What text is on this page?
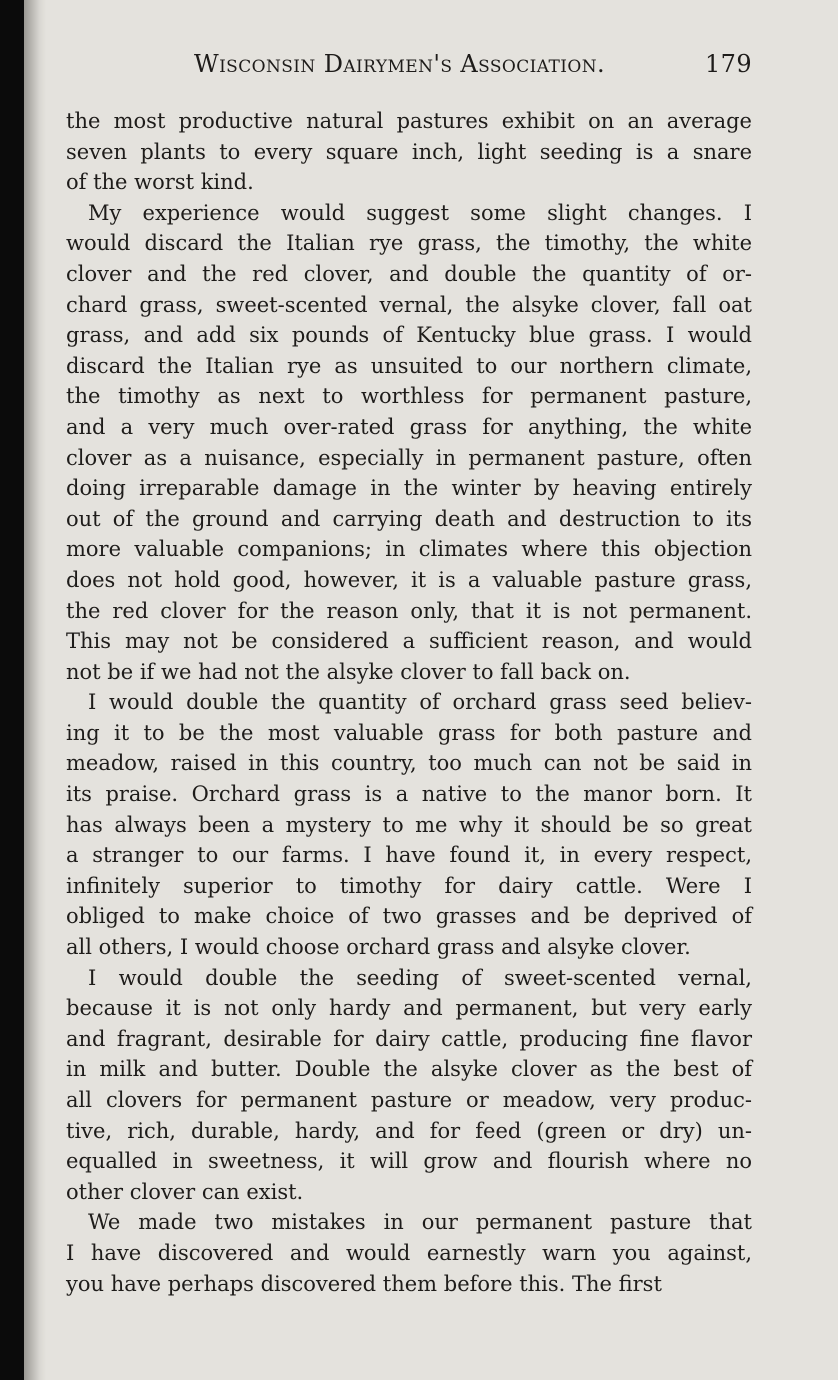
Wisconsin Dairymen's Association.	179
the most productive natural pastures exhibit on an average
seven plants to every square inch, light seeding is a snare
of the worst kind.
My experience would suggest some slight changes. I
would discard the Italian rye grass, the timothy, the white
clover and the red clover, and double the quantity of or-
chard grass, sweet-scented vernal, the alsyke clover, fall oat
grass, and add six pounds of Kentucky blue grass. I would
discard the Italian rye as unsuited to our northern climate,
the timothy as next to worthless for permanent pasture,
and a very much over-rated grass for anything, the white
clover as a nuisance, especially in permanent pasture, often
doing irreparable damage in the winter by heaving entirely
out of the ground and carrying death and destruction to its
more valuable companions; in climates where this objection
does not hold good, however, it is a valuable pasture grass,
the red clover for the reason only, that it is not permanent.
This may not be considered a sufficient reason, and would
not be if we had not the alsyke clover to fall back on.
I would double the quantity of orchard grass seed believ-
ing it to be the most valuable grass for both pasture and
meadow, raised in this country, too much can not be said in
its praise. Orchard grass is a native to the manor born. It
has always been a mystery to me why it should be so great
a stranger to our farms. I have found it, in every respect,
infinitely superior to timothy for dairy cattle. Were I
obliged to make choice of two grasses and be deprived of
all others, I would choose orchard grass and alsyke clover.
I would double the seeding of sweet-scented vernal,
because it is not only hardy and permanent, but very early
and fragrant, desirable for dairy cattle, producing fine flavor
in milk and butter. Double the alsyke clover as the best of
all clovers for permanent pasture or meadow, very produc-
tive, rich, durable, hardy, and for feed (green or dry) un-
equalled in sweetness, it will grow and flourish where no
other clover can exist.
We made two mistakes in our permanent pasture that
I have discovered and would earnestly warn you against,
you have perhaps discovered them before this. The first
